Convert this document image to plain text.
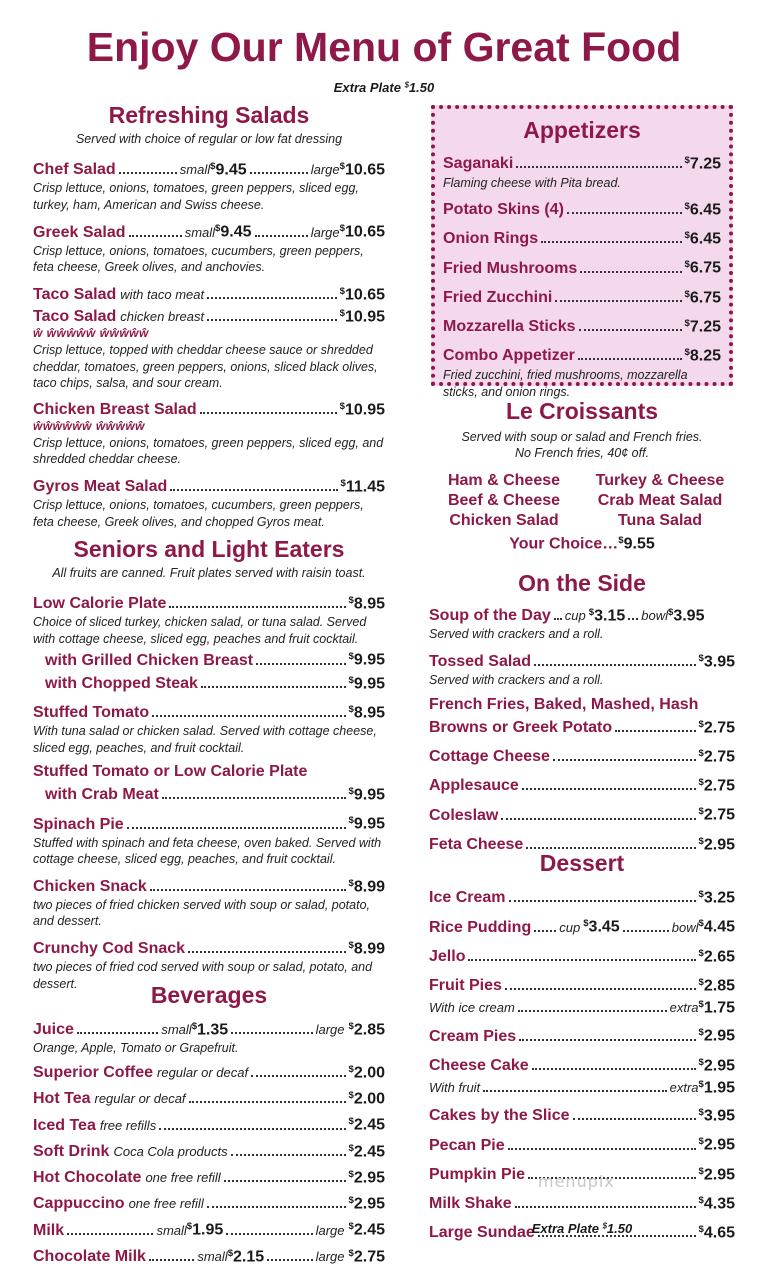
Enjoy Our Menu of Great Food
Extra Plate $1.50
Refreshing Salads
Served with choice of regular or low fat dressing
Chef Salad	small $9.45	large $10.65
Crisp lettuce, onions, tomatoes, green peppers, sliced egg, turkey, ham, American and Swiss cheese.
Greek Salad	small $9.45	large $10.65
Crisp lettuce, onions, tomatoes, cucumbers, green peppers, feta cheese, Greek olives, and anchovies.
Taco Salad with taco meat	$10.65
Taco Salad chicken breast	$10.95
ŵ ŵŵŵŵŵ ŵŵŵŵŵ
Crisp lettuce, topped with cheddar cheese sauce or shredded cheddar, tomatoes, green peppers, onions, sliced black olives, taco chips, salsa, and sour cream.
Chicken Breast Salad	$10.95
ŵŵŵŵŵŵ ŵŵŵŵŵ
Crisp lettuce, onions, tomatoes, green peppers, sliced egg, and shredded cheddar cheese.
Gyros Meat Salad	$11.45
Crisp lettuce, onions, tomatoes, cucumbers, green peppers, feta cheese, Greek olives, and chopped Gyros meat.
Seniors and Light Eaters
All fruits are canned. Fruit plates served with raisin toast.
Low Calorie Plate	$8.95
Choice of sliced turkey, chicken salad, or tuna salad. Served with cottage cheese, sliced egg, peaches and fruit cocktail.
with Grilled Chicken Breast	$9.95
with Chopped Steak	$9.95
Stuffed Tomato	$8.95
With tuna salad or chicken salad. Served with cottage cheese, sliced egg, peaches, and fruit cocktail.
Stuffed Tomato or Low Calorie Plate
with Crab Meat	$9.95
Spinach Pie	$9.95
Stuffed with spinach and feta cheese, oven baked. Served with cottage cheese, sliced egg, peaches, and fruit cocktail.
Chicken Snack	$8.99
two pieces of fried chicken served with soup or salad, potato, and dessert.
Crunchy Cod Snack	$8.99
two pieces of fried cod served with soup or salad, potato, and dessert.	Beverages
Juice	small $1.35	large $2.85
Orange, Apple, Tomato or Grapefruit.
Superior Coffee regular or decaf	$2.00
Hot Tea regular or decaf	$2.00
Iced Tea free refills	$2.45
Soft Drink Coca Cola products	$2.45
Hot Chocolate one free refill	$2.95
Cappuccino one free refill	$2.95
Milk	small $1.95	large $2.45
Chocolate Milk	small $2.15	large $2.75
Appetizers
Saganaki	$7.25
Flaming cheese with Pita bread.
Potato Skins (4)	$6.45
Onion Rings	$6.45
Fried Mushrooms	$6.75
Fried Zucchini	$6.75
Mozzarella Sticks	$7.25
Combo Appetizer	$8.25
Fried zucchini, fried mushrooms, mozzarella sticks, and onion rings.
Le Croissants
Served with soup or salad and French fries.
No French fries, 40¢ off.
Ham & Cheese	Turkey & Cheese
Beef & Cheese	Crab Meat Salad
Chicken Salad	Tuna Salad
Your Choice…$9.55
On the Side
Soup of the Day cup $3.15 bowl $3.95
Served with crackers and a roll.
Tossed Salad	$3.95
Served with crackers and a roll.
French Fries, Baked, Mashed, Hash
Browns or Greek Potato	$2.75
Cottage Cheese	$2.75
Applesauce	$2.75
Coleslaw	$2.75
Feta Cheese	$2.95
Dessert
Ice Cream	$3.25
Rice Pudding cup $3.45	bowl $4.45
Jello	$2.65
Fruit Pies	$2.85
With ice cream	extra $1.75
Cream Pies	$2.95
Cheese Cake	$2.95
With fruit	extra $1.95
Cakes by the Slice	$3.95
Pecan Pie	$2.95
Pumpkin Pie	$2.95
Milk Shake	$4.35
Large Sundae	$4.65
menupix
Extra Plate $1.50
